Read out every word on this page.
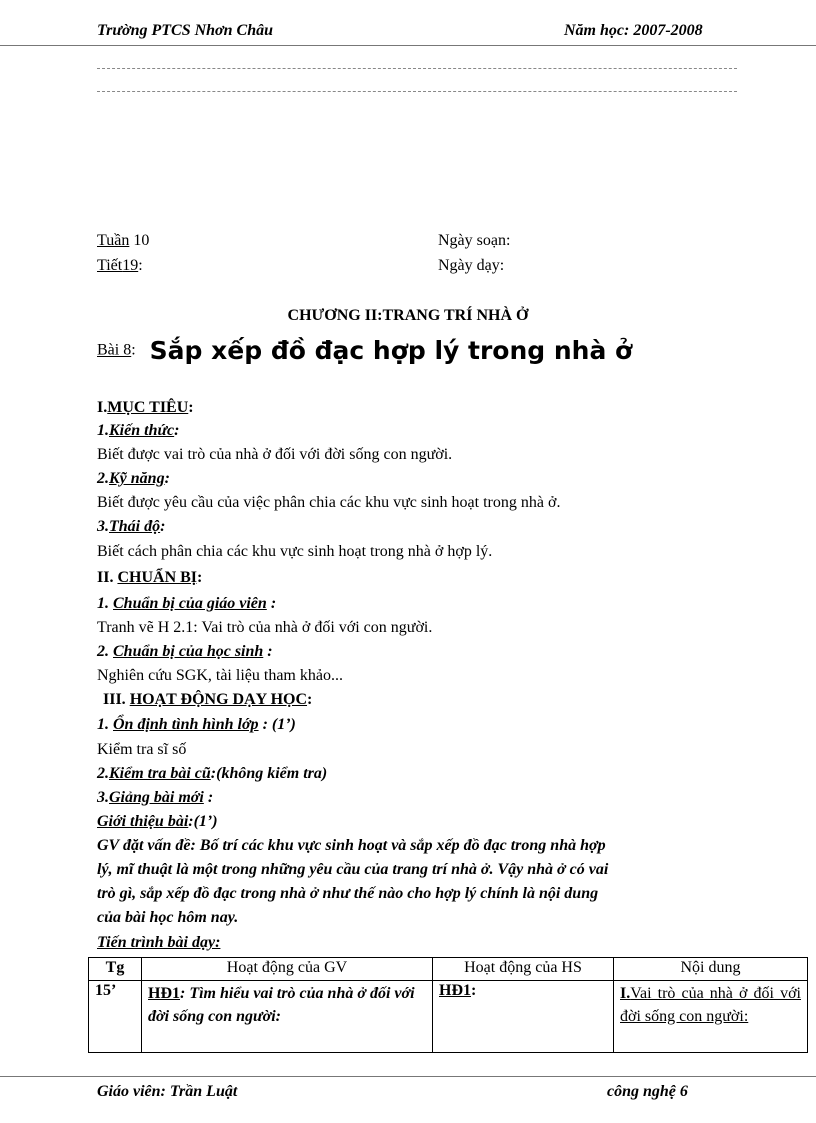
Trường PTCS Nhơn Châu	Năm học: 2007-2008
Tuần 10
Tiết19:
Ngày soạn:
Ngày dạy:
CHƯƠNG II:TRANG TRÍ NHÀ Ở
Bài 8: Sắp xếp đồ đạc hợp lý trong nhà ở
I.MỤC TIÊU:
1.Kiến thức:
Biết được vai trò của nhà ở đối với đời sống con người.
2.Kỹ năng:
Biết được yêu cầu của việc phân chia các khu vực sinh hoạt trong nhà ở.
3.Thái độ:
Biết cách phân chia các khu vực sinh hoạt trong nhà ở hợp lý.
II. CHUẨN BỊ:
1. Chuẩn bị của giáo viên :
Tranh vẽ H 2.1: Vai trò của nhà ở đối với con người.
2. Chuẩn bị của học sinh :
Nghiên cứu SGK, tài liệu tham khảo...
III. HOẠT ĐỘNG DẠY HỌC:
1. Ổn định tình hình lớp : (1’)
Kiểm tra sĩ số
2.Kiểm tra bài cũ:(không kiểm tra)
3.Giảng bài mới :
Giới thiệu bài:(1’)
GV đặt vấn đề: Bố trí các khu vực sinh hoạt và sắp xếp đồ đạc trong nhà hợp
lý, mĩ thuật là một trong những yêu cầu của trang trí nhà ở. Vậy nhà ở có vai
trò gì, sắp xếp đồ đạc trong nhà ở như thế nào cho hợp lý chính là nội dung
của bài học hôm nay.
Tiến trình bài dạy:
Tg	Hoạt động của GV	Hoạt động của HS	Nội dung
15’	HĐ1: Tìm hiểu vai trò của nhà ở đối với đời sống con người:	HĐ1:	I.Vai trò của nhà ở đối với đời sống con người:
Giáo viên: Trần Luật	công nghệ 6
